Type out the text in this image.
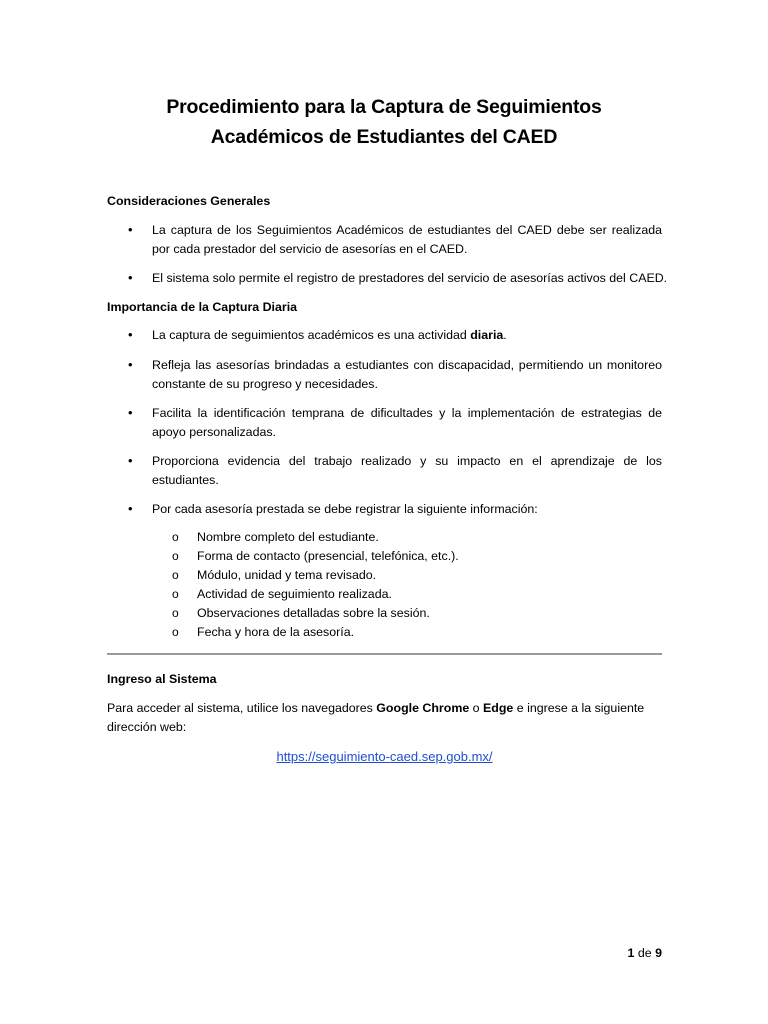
Procedimiento para la Captura de Seguimientos
Académicos de Estudiantes del CAED
Consideraciones Generales
• La captura de los Seguimientos Académicos de estudiantes del CAED debe ser realizada por cada prestador del servicio de asesorías en el CAED.
• El sistema solo permite el registro de prestadores del servicio de asesorías activos del CAED.
Importancia de la Captura Diaria
• La captura de seguimientos académicos es una actividad diaria.
• Refleja las asesorías brindadas a estudiantes con discapacidad, permitiendo un monitoreo constante de su progreso y necesidades.
• Facilita la identificación temprana de dificultades y la implementación de estrategias de apoyo personalizadas.
• Proporciona evidencia del trabajo realizado y su impacto en el aprendizaje de los estudiantes.
• Por cada asesoría prestada se debe registrar la siguiente información:
o Nombre completo del estudiante.
o Forma de contacto (presencial, telefónica, etc.).
o Módulo, unidad y tema revisado.
o Actividad de seguimiento realizada.
o Observaciones detalladas sobre la sesión.
o Fecha y hora de la asesoría.
Ingreso al Sistema
Para acceder al sistema, utilice los navegadores Google Chrome o Edge e ingrese a la siguiente dirección web:
https://seguimiento-caed.sep.gob.mx/
1 de 9
